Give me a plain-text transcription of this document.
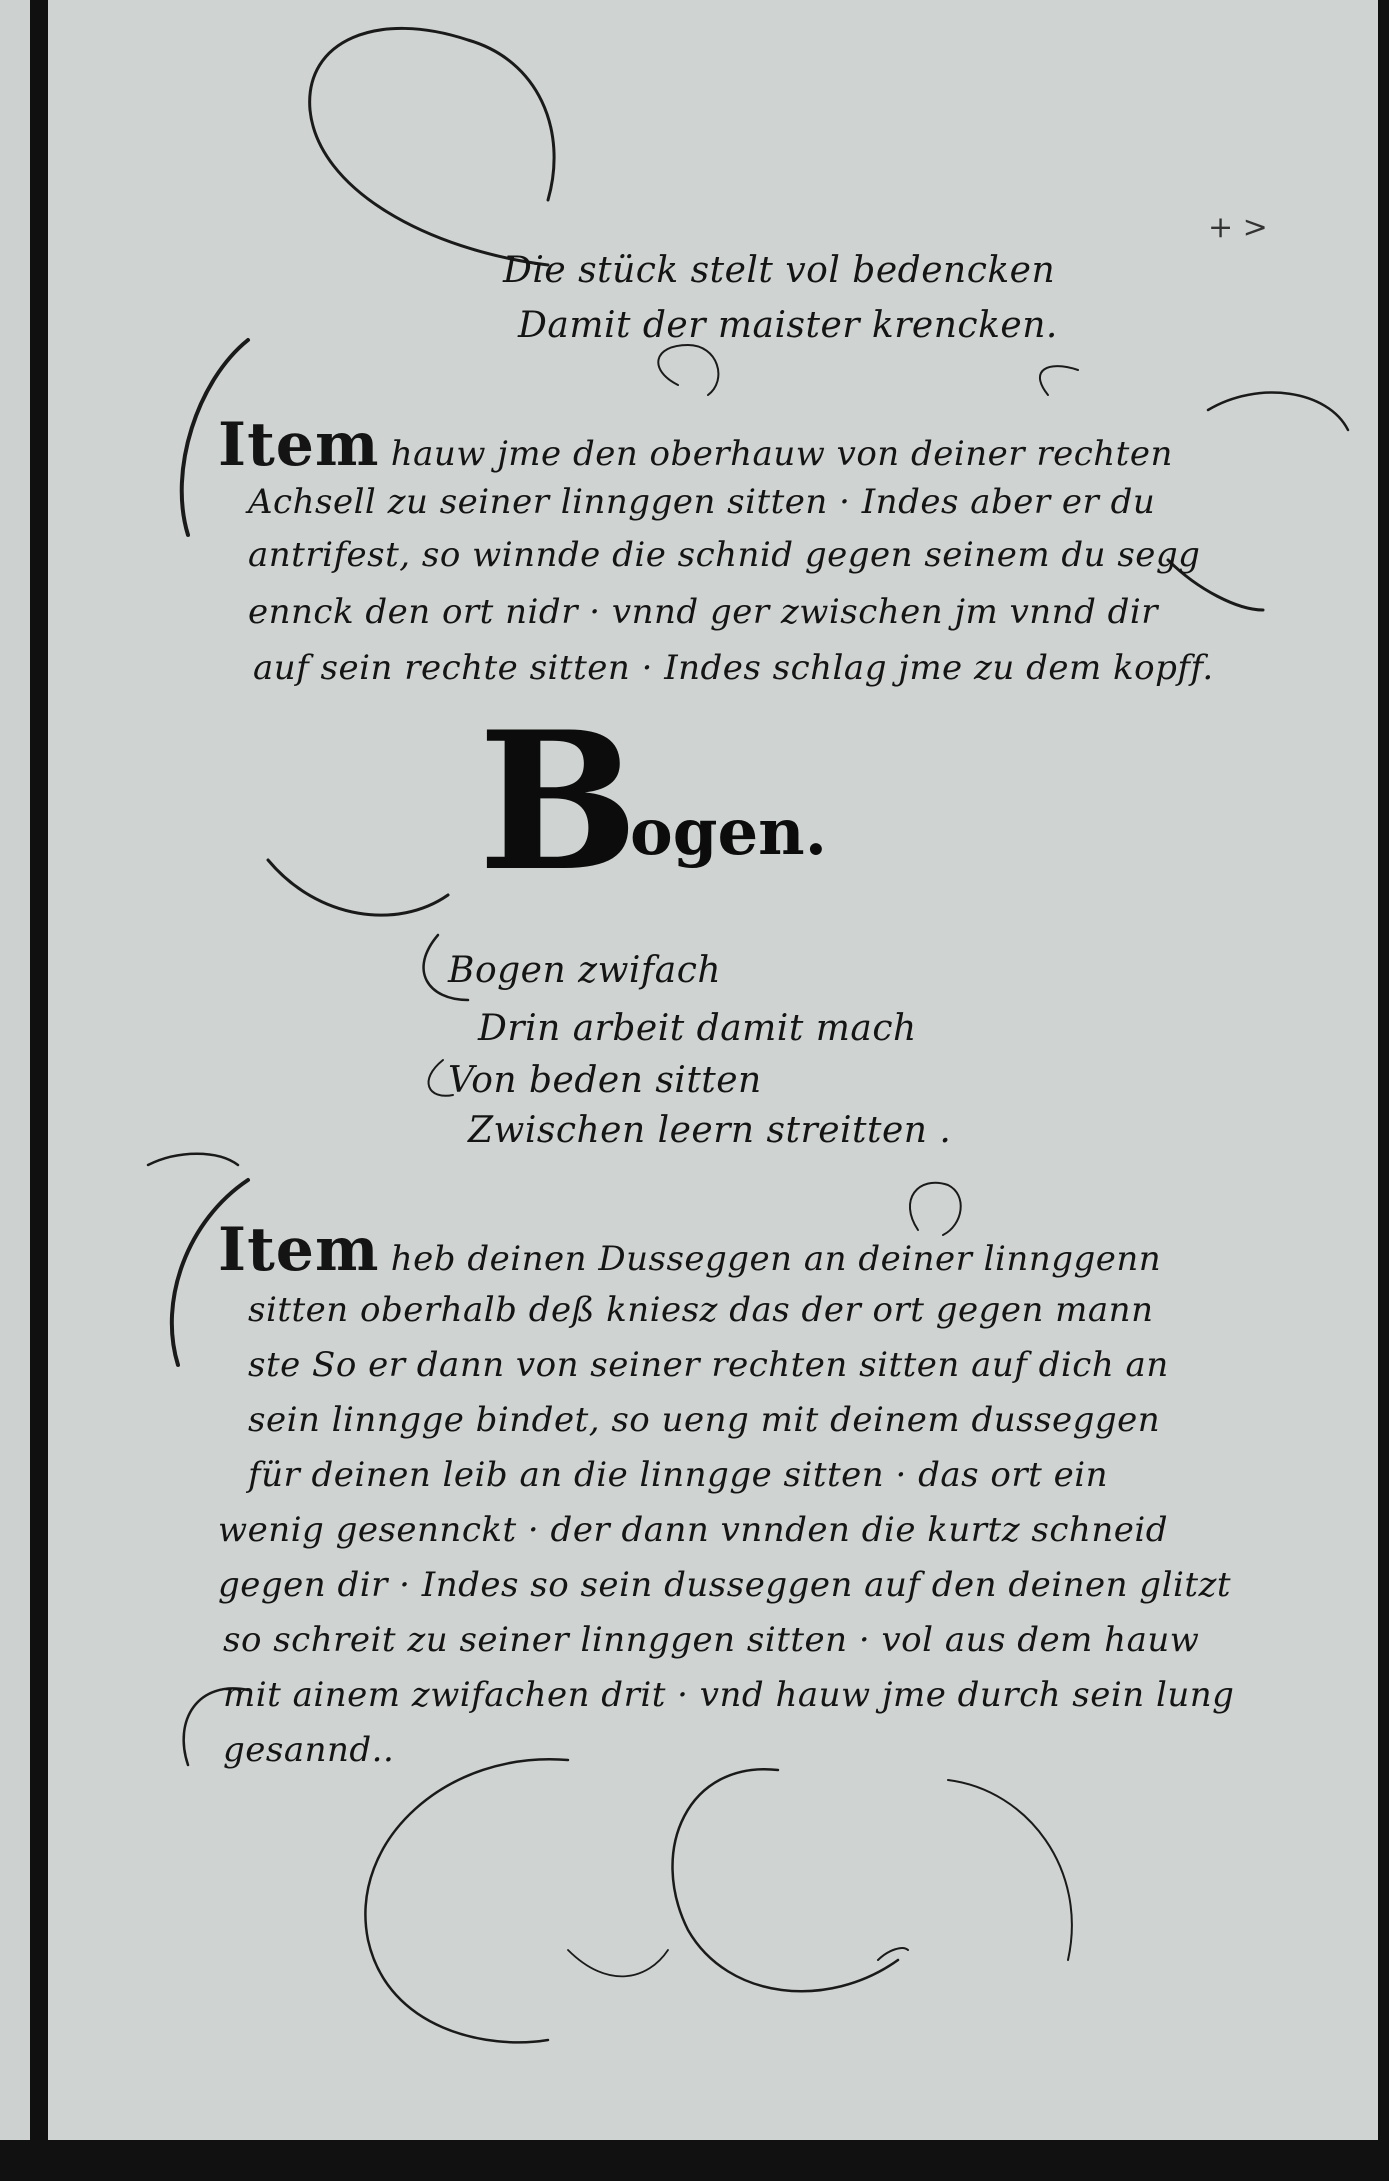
+ >
Die stück stelt vol bedencken
Damit der maister krencken.
Item hauw jme den oberhauw von deiner rechten
Achsell zu seiner linnggen sitten · Indes aber er du
antrifest, so winnde die schnid gegen seinem du segg
ennck den ort nidr · vnnd ger zwischen jm vnnd dir
auf sein rechte sitten · Indes schlag jme zu dem kopff.
B
ogen.
Bogen zwifach
Drin arbeit damit mach
Von beden sitten
Zwischen leern streitten .
Item heb deinen Dusseggen an deiner linnggenn
sitten oberhalb deß kniesz das der ort gegen mann
ste So er dann von seiner rechten sitten auf dich an
sein linngge bindet, so ueng mit deinem dusseggen
für deinen leib an die linngge sitten · das ort ein
wenig gesennckt · der dann vnnden die kurtz schneid
gegen dir · Indes so sein dusseggen auf den deinen glitzt
so schreit zu seiner linnggen sitten · vol aus dem hauw
mit ainem zwifachen drit · vnd hauw jme durch sein lung
gesannd..
